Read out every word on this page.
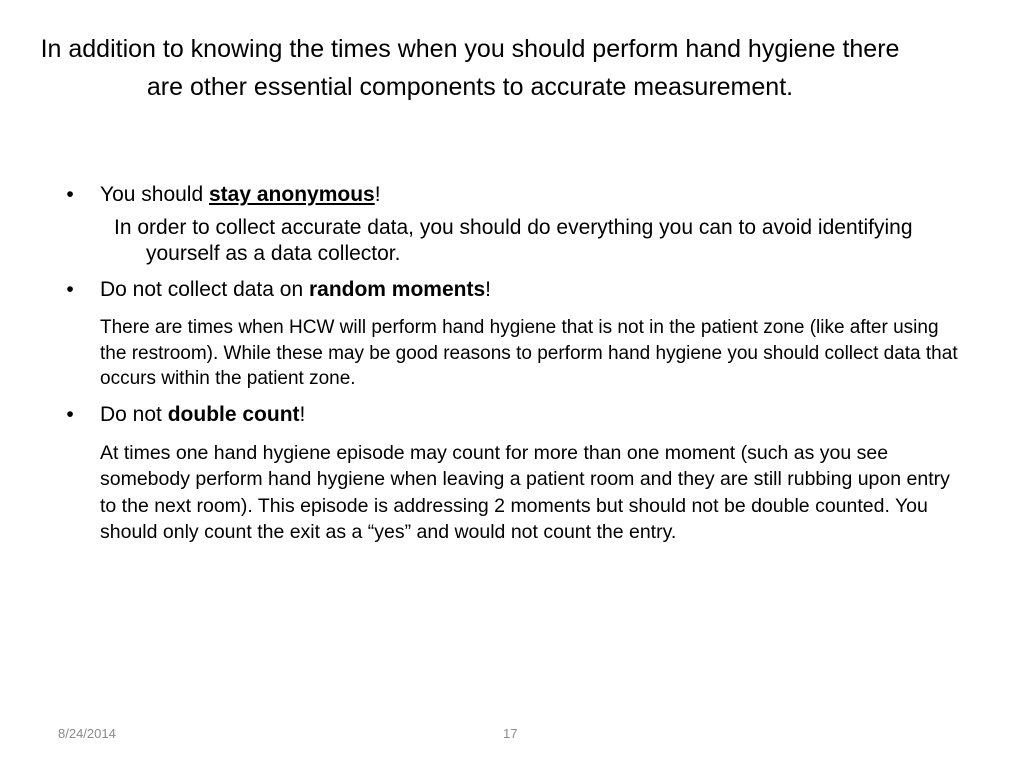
In addition to knowing the times when you should perform hand hygiene there are other essential components to accurate measurement.
•	You should stay anonymous!
In order to collect accurate data, you should do everything you can to avoid identifying yourself as a data collector.
•	Do not collect data on random moments!
There are times when HCW will perform hand hygiene that is not in the patient zone (like after using the restroom). While these may be good reasons to perform hand hygiene you should collect data that occurs within the patient zone.
•	Do not double count!
At times one hand hygiene episode may count for more than one moment (such as you see somebody perform hand hygiene when leaving a patient room and they are still rubbing upon entry to the next room). This episode is addressing 2 moments but should not be double counted. You should only count the exit as a “yes” and would not count the entry.
8/24/2014	17
